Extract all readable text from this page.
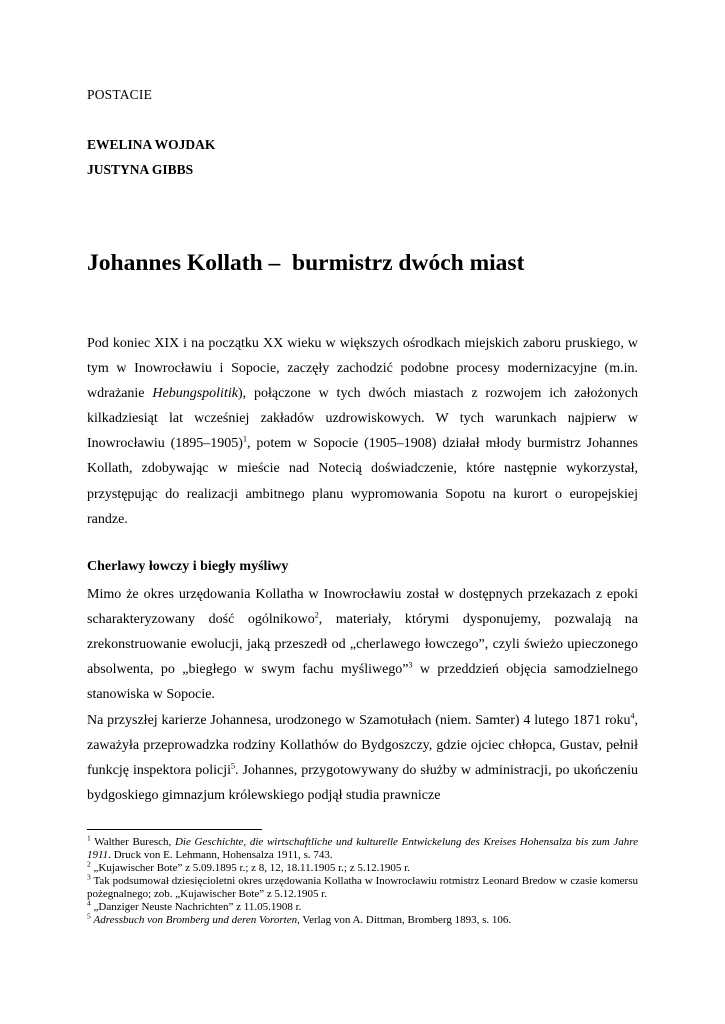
POSTACIE
EWELINA WOJDAK
JUSTYNA GIBBS
Johannes Kollath –  burmistrz dwóch miast

Pod koniec XIX i na początku XX wieku w większych ośrodkach miejskich zaboru pruskiego, w tym w Inowrocławiu i Sopocie, zaczęły zachodzić podobne procesy modernizacyjne (m.in. wdrażanie Hebungspolitik), połączone w tych dwóch miastach z rozwojem ich założonych kilkadziesiąt lat wcześniej zakładów uzdrowiskowych. W tych warunkach najpierw w Inowrocławiu (1895–1905)$^1$, potem w Sopocie (1905–1908) działał młody burmistrz Johannes Kollath, zdobywając w mieście nad Notecią doświadczenie, które następnie wykorzystał, przystępując do realizacji ambitnego planu wypromowania Sopotu na kurort o europejskiej randze.

Cherlawy łowczy i biegły myśliwy

Mimo że okres urzędowania Kollatha w Inowrocławiu został w dostępnych przekazach z epoki scharakteryzowany dość ogólnikowo$^2$, materiały, którymi dysponujemy, pozwalają na zrekonstruowanie ewolucji, jaką przeszedł od „cherlawego łowczego”, czyli świeżo upieczonego absolwenta, po „biegłego w swym fachu myśliwego”$^3$ w przeddzień objęcia samodzielnego stanowiska w Sopocie.

Na przyszłej karierze Johannesa, urodzonego w Szamotułach (niem. Samter) 4 lutego 1871 roku$^4$, zaważyła przeprowadzka rodziny Kollathów do Bydgoszczy, gdzie ojciec chłopca, Gustav, pełnił funkcję inspektora policji$^5$. Johannes, przygotowywany do służby w administracji, po ukończeniu bydgoskiego gimnazjum królewskiego podjął studia prawnicze

$^1$ Walther Buresch, Die Geschichte, die wirtschaftliche und kulturelle Entwickelung des Kreises Hohensalza bis zum Jahre 1911. Druck von E. Lehmann, Hohensalza 1911, s. 743.

$^2$ „Kujawischer Bote” z 5.09.1895 r.; z 8, 12, 18.11.1905 r.; z 5.12.1905 r.

$^3$ Tak podsumował dziesięcioletni okres urzędowania Kollatha w Inowrocławiu rotmistrz Leonard Bredow w czasie komersu pożegnalnego; zob. „Kujawischer Bote” z 5.12.1905 r.

$^4$ „Danziger Neuste Nachrichten” z 11.05.1908 r.

$^5$ Adressbuch von Bromberg und deren Vororten, Verlag von A. Dittman, Bromberg 1893, s. 106.
